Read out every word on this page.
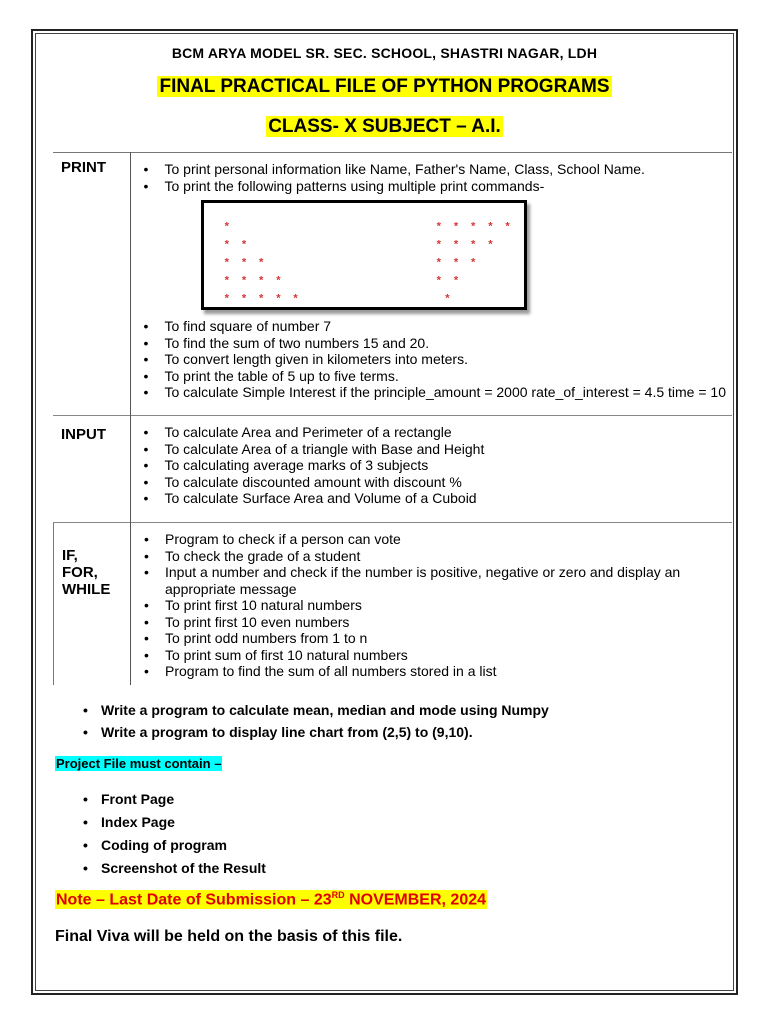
BCM ARYA MODEL SR. SEC. SCHOOL, SHASTRI NAGAR, LDH
FINAL PRACTICAL FILE OF PYTHON PROGRAMS
CLASS- X SUBJECT – A.I.
PRINT	
•To print personal information like Name, Father's Name, Class, School Name.
• To print the following patterns using multiple print commands-
*
* *
* * *
* * * *
* * * * *
* * * * *
* * * *
* * *
* *
*
• To find square of number 7
• To find the sum of two numbers 15 and 20.
• To convert length given in kilometers into meters.
• To print the table of 5 up to five terms.
• To calculate Simple Interest if the principle_amount = 2000 rate_of_interest = 4.5 time = 10
INPUT	
• To calculate Area and Perimeter of a rectangle
• To calculate Area of a triangle with Base and Height
• To calculating average marks of 3 subjects
• To calculate discounted amount with discount %
• To calculate Surface Area and Volume of a Cuboid
IF,
FOR,
WHILE

• Program to check if a person can vote
• To check the grade of a student
• Input a number and check if the number is positive, negative or zero and display an appropriate message
• To print first 10 natural numbers
• To print first 10 even numbers
• To print odd numbers from 1 to n
• To print sum of first 10 natural numbers
• Program to find the sum of all numbers stored in a list
• Write a program to calculate mean, median and mode using Numpy
• Write a program to display line chart from (2,5) to (9,10).
Project File must contain –
• Front Page
• Index Page
• Coding of program
• Screenshot of the Result
Note – Last Date of Submission – 23RD NOVEMBER, 2024
Final Viva will be held on the basis of this file.
